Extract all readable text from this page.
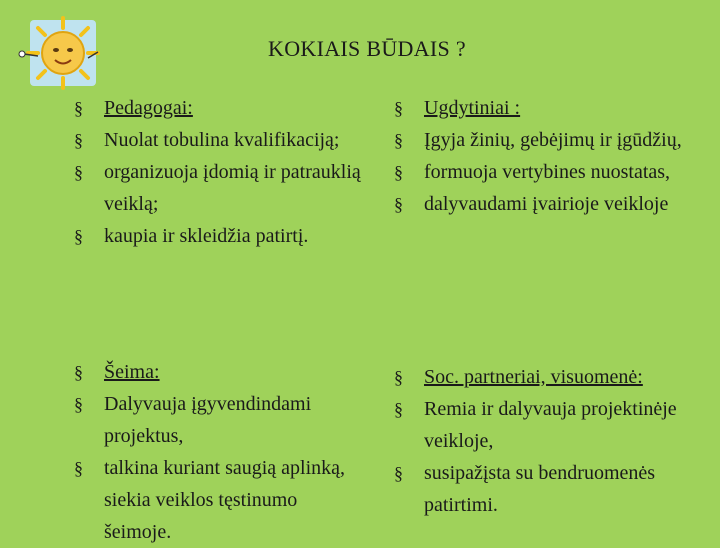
KOKIAIS BŪDAIS ?
§ Pedagogai:
§ Nuolat tobulina kvalifikaciją;
§ organizuoja įdomią ir patrauklią veiklą;
§ kaupia ir skleidžia patirtį.
§ Ugdytiniai :
§ Įgyja žinių, gebėjimų ir įgūdžių,
§ formuoja vertybines nuostatas,
§ dalyvaudami įvairioje veikloje
§ Šeima:
§ Dalyvauja įgyvendindami projektus,
§ talkina kuriant saugią aplinką, siekia veiklos tęstinumo šeimoje.
§ Soc. partneriai, visuomenė:
§ Remia ir dalyvauja projektinėje veikloje,
§ susipažįsta su bendruomenės patirtimi.
